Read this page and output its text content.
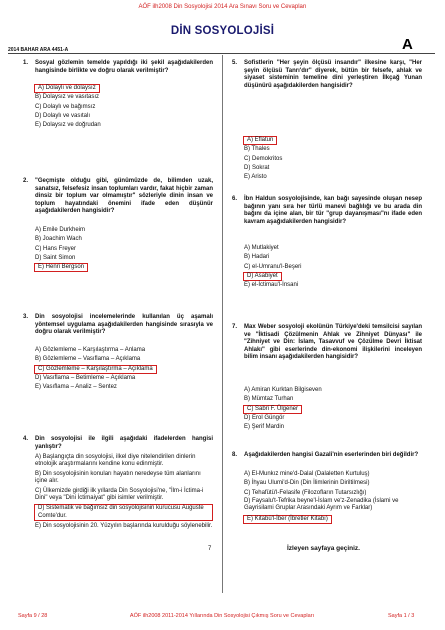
AÖF ilh2008 Din Sosyolojisi 2014 Ara Sınavı Soru ve Cevapları
DİN SOSYOLOJİSİ
A
2014 BAHAR ARA 4451-A
1. Sosyal gözlemin temelde yapıldığı iki şekil aşağıdakilerden hangisinde birlikte ve doğru olarak verilmiştir?
A) Dolaylı ve dolaysız
B) Dolaysız ve vasıtasız
C) Dolaylı ve bağımsız
D) Dolaylı ve vasıtalı
E) Dolaysız ve doğrudan
2. "Geçmişte olduğu gibi, günümüzde de, bilimden uzak, sanatsız, felsefesiz insan toplumları vardır, fakat hiçbir zaman dinsiz bir toplum var olmamıştır" sözleriyle dinin insan ve toplum hayatındaki önemini ifade eden düşünür aşağıdakilerden hangisidir?
A) Emile Durkheim
B) Joachim Wach
C) Hans Freyer
D) Saint Simon
E) Henri Bergson
3. Din sosyolojisi incelemelerinde kullanılan üç aşamalı yöntemsel uygulama aşağıdakilerden hangisinde sırasıyla ve doğru olarak verilmiştir?
A) Gözlemleme – Karşılaştırma – Anlama
B) Gözlemleme – Vasıflama – Açıklama
C) Gözlemleme – Karşılaştırma – Açıklama
D) Vasıflama – Betimleme – Açıklama
E) Vasıflama – Analiz – Sentez
4. Din sosyolojisi ile ilgili aşağıdaki ifadelerden hangisi yanlıştır?
A) Başlangıçta din sosyolojisi, ilkel diye nitelendirilen dinlerin etnolojik araştırmalarını kendine konu edinmiştir.
B) Din sosyolojisinin konuları hayatın neredeyse tüm alanlarını içine alır.
C) Ülkemizde girdiği ilk yıllarda Din Sosyolojisi'ne, "İlm-i İctima-i Dini" veya "Dini İctimaiyat" gibi isimler verilmiştir.
D) Sistematik ve bağımsız din sosyolojisinin kurucusu Auguste Comte'dur.
E) Din sosyolojisinin 20. Yüzyılın başlarında kurulduğu söylenebilir.
5. Sofistlerin "Her şeyin ölçüsü insandır" ilkesine karşı, "Her şeyin ölçüsü Tanrı'dır" diyerek, bütün bir felsefe, ahlak ve siyaset sisteminin temeline dini yerleştiren İlkçağ Yunan düşünürü aşağıdakilerden hangisidir?
A) Eflatun
B) Thales
C) Demokritos
D) Sokrat
E) Aristo
6. İbn Haldun sosyolojisinde, kan bağı sayesinde oluşan nesep bağının yanı sıra her türlü manevi bağlılığı ve bu arada din bağını da içine alan, bir tür "grup dayanışması"nı ifade eden kavram aşağıdakilerden hangisidir?
A) Mutlakiyet
B) Hadari
C) el-Umranu'l-Beşeri
D) Asabiyet
E) el-İctimau'l-İnsani
7. Max Weber sosyoloji ekolünün Türkiye'deki temsilcisi sayılan ve "İktisadi Çözülmenin Ahlak ve Zihniyet Dünyası" ile "Zihniyet ve Din: İslam, Tasavvuf ve Çözülme Devri İktisat Ahlakı" gibi eserlerinde din-ekonomi ilişkilerini inceleyen bilim insanı aşağıdakilerden hangisidir?
A) Amiran Kurktan Bilgiseven
B) Mümtaz Turhan
C) Sabri F. Ülgener
D) Erol Güngör
E) Şerif Mardin
8. Aşağıdakilerden hangisi Gazali'nin eserlerinden biri değildir?
A) El-Munkız mine'd-Dalal (Dalaletten Kurtuluş)
B) İhyau Ulumi'd-Din (Din İlimlerinin Diriltilmesi)
C) Tehafütü'l-Felasife (Filozofların Tutarsızlığı)
D) Faysalu't-Tefrika beyne'l-İslam ve'z-Zenadika (İslami ve Gayrisilami Gruplar Arasındaki Ayrım ve Farklar)
E) Kitabü'l-İber (İbretler Kitabı)
7	İzleyen sayfaya geçiniz.
Sayfa 9 / 28	AÖF ilh2008 2011-2014 Yıllarında Din Sosyolojisi Çıkmış Soru ve Cevapları	Sayfa 1 / 3
